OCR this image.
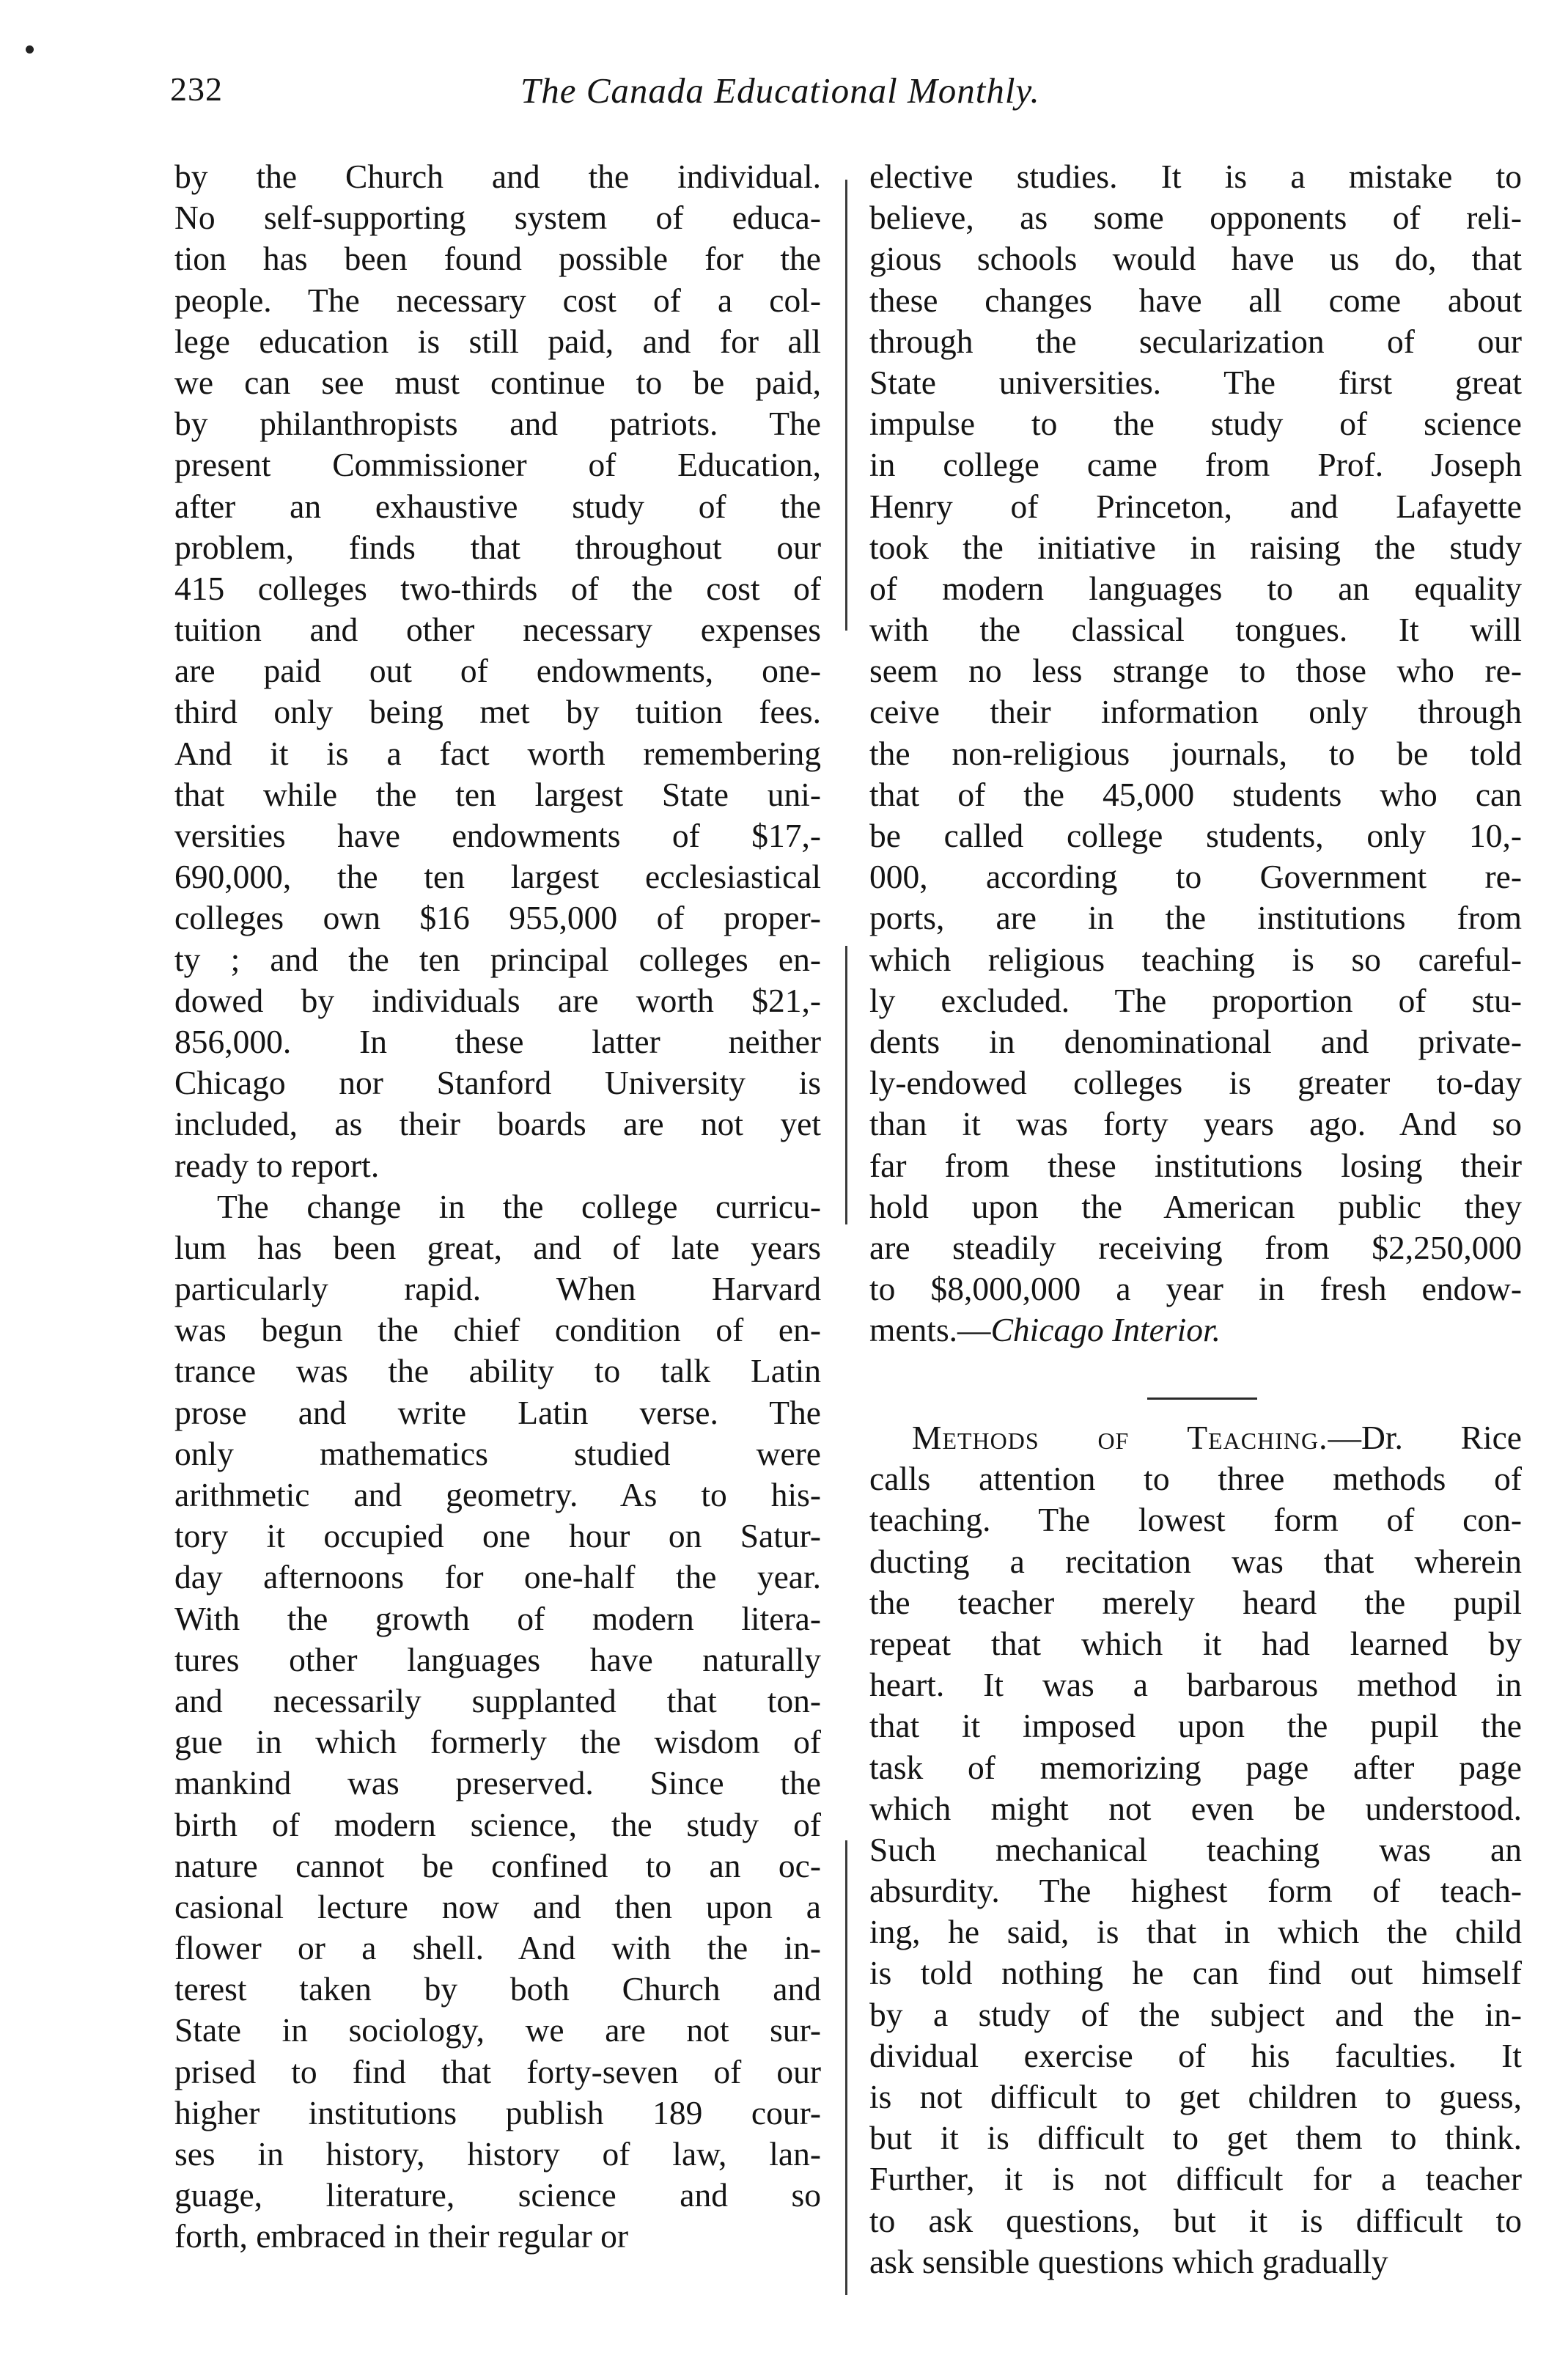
232	The Canada Educational Monthly.
by the Church and the individual.
No self-supporting system of educa-
tion has been found possible for the
people. The necessary cost of a col-
lege education is still paid, and for all
we can see must continue to be paid,
by philanthropists and patriots. The
present Commissioner of Education,
after an exhaustive study of the
problem, finds that throughout our
415 colleges two-thirds of the cost of
tuition and other necessary expenses
are paid out of endowments, one-
third only being met by tuition fees.
And it is a fact worth remembering
that while the ten largest State uni-
versities have endowments of $17,-
690,000, the ten largest ecclesiastical
colleges own $16 955,000 of proper-
ty ; and the ten principal colleges en-
dowed by individuals are worth $21,-
856,000. In these latter neither
Chicago nor Stanford University is
included, as their boards are not yet
ready to report.
The change in the college curricu-
lum has been great, and of late years
particularly rapid. When Harvard
was begun the chief condition of en-
trance was the ability to talk Latin
prose and write Latin verse. The
only mathematics studied were
arithmetic and geometry. As to his-
tory it occupied one hour on Satur-
day afternoons for one-half the year.
With the growth of modern litera-
tures other languages have naturally
and necessarily supplanted that ton-
gue in which formerly the wisdom of
mankind was preserved. Since the
birth of modern science, the study of
nature cannot be confined to an oc-
casional lecture now and then upon a
flower or a shell. And with the in-
terest taken by both Church and
State in sociology, we are not sur-
prised to find that forty-seven of our
higher institutions publish 189 cour-
ses in history, history of law, lan-
guage, literature, science and so
forth, embraced in their regular or
elective studies. It is a mistake to
believe, as some opponents of reli-
gious schools would have us do, that
these changes have all come about
through the secularization of our
State universities. The first great
impulse to the study of science
in college came from Prof. Joseph
Henry of Princeton, and Lafayette
took the initiative in raising the study
of modern languages to an equality
with the classical tongues. It will
seem no less strange to those who re-
ceive their information only through
the non-religious journals, to be told
that of the 45,000 students who can
be called college students, only 10,-
000, according to Government re-
ports, are in the institutions from
which religious teaching is so careful-
ly excluded. The proportion of stu-
dents in denominational and private-
ly-endowed colleges is greater to-day
than it was forty years ago. And so
far from these institutions losing their
hold upon the American public they
are steadily receiving from $2,250,000
to $8,000,000 a year in fresh endow-
ments.—Chicago Interior.
Methods of Teaching.—Dr. Rice
calls attention to three methods of
teaching. The lowest form of con-
ducting a recitation was that wherein
the teacher merely heard the pupil
repeat that which it had learned by
heart. It was a barbarous method in
that it imposed upon the pupil the
task of memorizing page after page
which might not even be understood.
Such mechanical teaching was an
absurdity. The highest form of teach-
ing, he said, is that in which the child
is told nothing he can find out himself
by a study of the subject and the in-
dividual exercise of his faculties. It
is not difficult to get children to guess,
but it is difficult to get them to think.
Further, it is not difficult for a teacher
to ask questions, but it is difficult to
ask sensible questions which gradually
